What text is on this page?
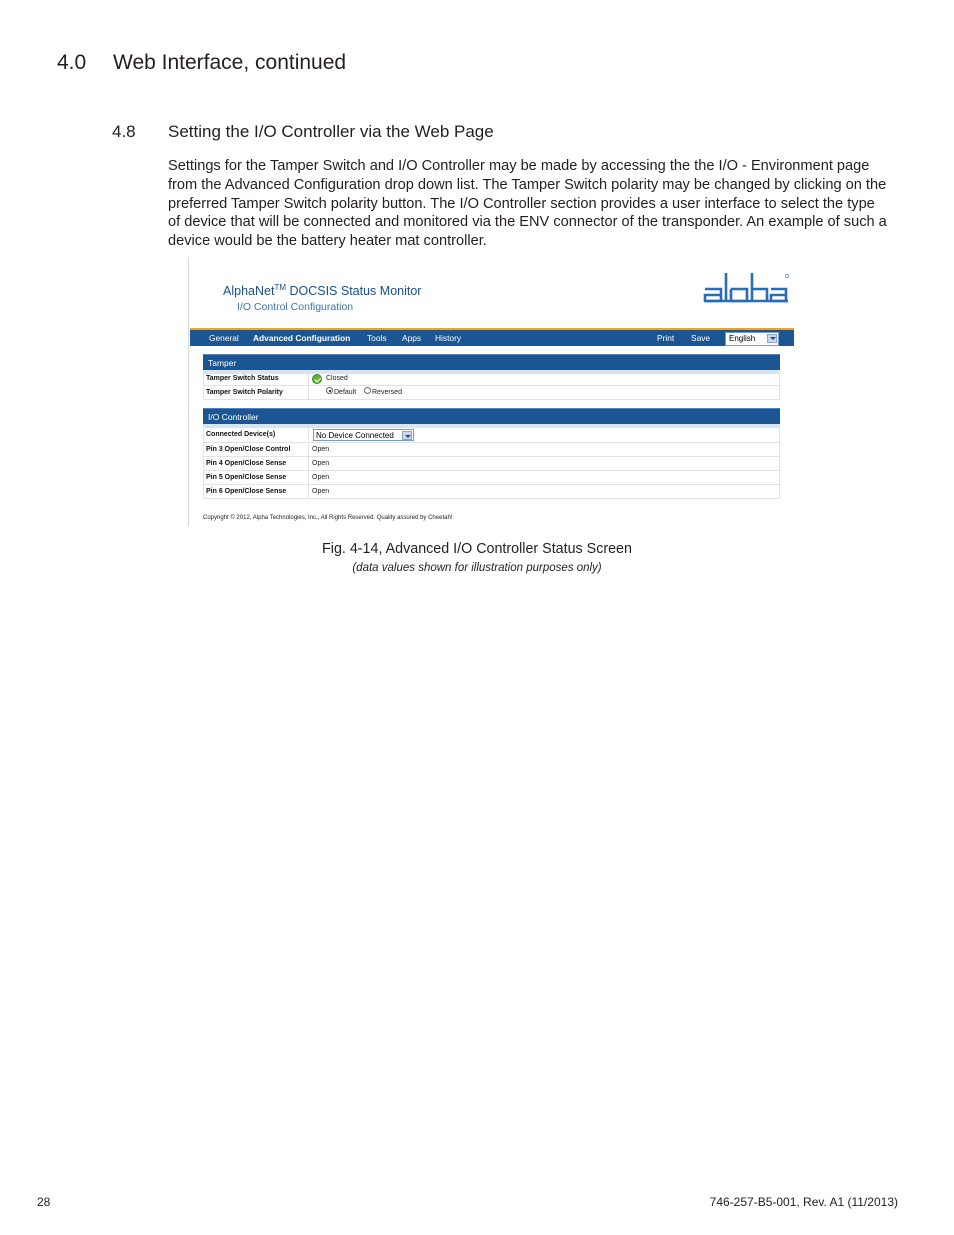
4.0 Web Interface, continued
4.8 Setting the I/O Controller via the Web Page

Settings for the Tamper Switch and I/O Controller may be made by accessing the the I/O - Environment page from the Advanced Configuration drop down list. The Tamper Switch polarity may be changed by clicking on the preferred Tamper Switch polarity button. The I/O Controller section provides a user interface to select the type of device that will be connected and monitored via the ENV connector of the transponder. An example of such a device would be the battery heater mat controller.

AlphaNet™ DOCSIS Status Monitor
I/O Control Configuration
General Advanced Configuration Tools Apps History	Print Save English
Tamper
Tamper Switch Status	Closed
Tamper Switch Polarity	Default Reversed
I/O Controller
Connected Device(s)	No Device Connected
Pin 3 Open/Close Control	Open
Pin 4 Open/Close Sense	Open
Pin 5 Open/Close Sense	Open
Pin 6 Open/Close Sense	Open
Copyright © 2012, Alpha Technologies, Inc., All Rights Reserved. Quality assured by Cheetah!
Fig. 4-14, Advanced I/O Controller Status Screen
(data values shown for illustration purposes only)
28	746-257-B5-001, Rev. A1 (11/2013)
